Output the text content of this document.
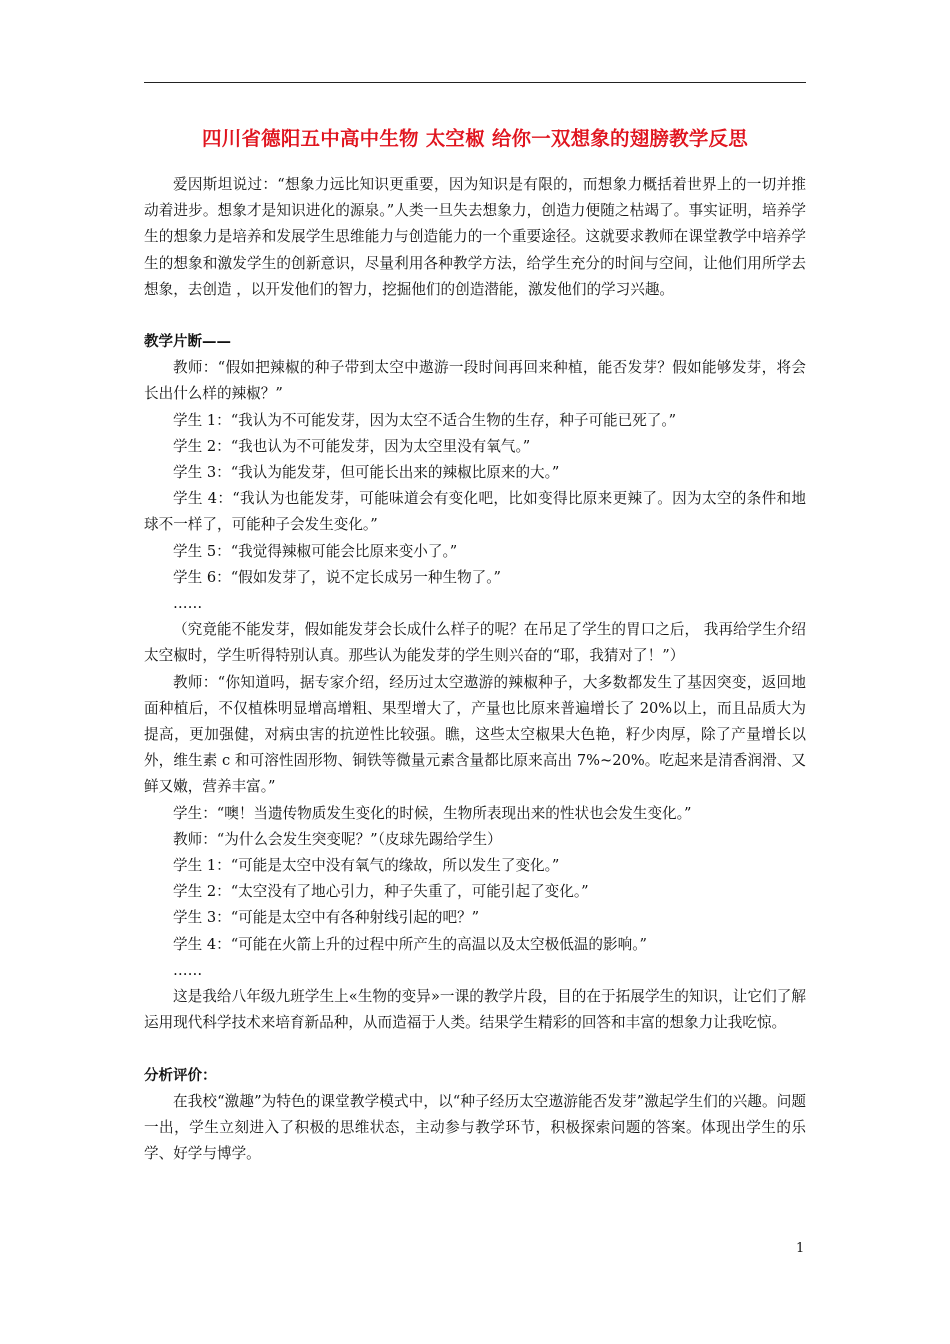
四川省德阳五中高中生物 太空椒 给你一双想象的翅膀教学反思

爱因斯坦说过：“想象力远比知识更重要，因为知识是有限的，而想象力概括着世界上的一切并推动着进步。想象才是知识进化的源泉。”人类一旦失去想象力，创造力便随之枯竭了。事实证明，培养学生的想象力是培养和发展学生思维能力与创造能力的一个重要途径。这就要求教师在课堂教学中培养学生的想象和激发学生的创新意识，尽量利用各种教学方法，给学生充分的时间与空间，让他们用所学去想象，去创造 ，以开发他们的智力，挖掘他们的创造潜能，激发他们的学习兴趣。

教学片断——

教师：“假如把辣椒的种子带到太空中遨游一段时间再回来种植，能否发芽？假如能够发芽，将会长出什么样的辣椒？”

学生 1：“我认为不可能发芽，因为太空不适合生物的生存，种子可能已死了。”

学生 2：“我也认为不可能发芽，因为太空里没有氧气。”

学生 3：“我认为能发芽，但可能长出来的辣椒比原来的大。”

学生 4：“我认为也能发芽，可能味道会有变化吧，比如变得比原来更辣了。因为太空的条件和地球不一样了，可能种子会发生变化。”

学生 5：“我觉得辣椒可能会比原来变小了。”

学生 6：“假如发芽了，说不定长成另一种生物了。”

……

（究竟能不能发芽，假如能发芽会长成什么样子的呢？在吊足了学生的胃口之后， 我再给学生介绍太空椒时，学生听得特别认真。那些认为能发芽的学生则兴奋的“耶，我猜对了！”）

教师：“你知道吗，据专家介绍，经历过太空遨游的辣椒种子，大多数都发生了基因突变，返回地面种植后，不仅植株明显增高增粗、果型增大了，产量也比原来普遍增长了 20%以上，而且品质大为提高，更加强健，对病虫害的抗逆性比较强。瞧，这些太空椒果大色艳，籽少肉厚，除了产量增长以外，维生素 c 和可溶性固形物、铜铁等微量元素含量都比原来高出 7%~20%。吃起来是清香润滑、又鲜又嫩，营养丰富。”

学生：“噢！当遗传物质发生变化的时候，生物所表现出来的性状也会发生变化。”

教师：“为什么会发生突变呢？”（皮球先踢给学生）

学生 1：“可能是太空中没有氧气的缘故，所以发生了变化。”

学生 2：“太空没有了地心引力，种子失重了，可能引起了变化。”

学生 3：“可能是太空中有各种射线引起的吧？”

学生 4：“可能在火箭上升的过程中所产生的高温以及太空极低温的影响。”

……

这是我给八年级九班学生上«生物的变异»一课的教学片段，目的在于拓展学生的知识，让它们了解运用现代科学技术来培育新品种，从而造福于人类。结果学生精彩的回答和丰富的想象力让我吃惊。

分析评价：

在我校“激趣”为特色的课堂教学模式中，以“种子经历太空遨游能否发芽”激起学生们的兴趣。问题一出，学生立刻进入了积极的思维状态，主动参与教学环节，积极探索问题的答案。体现出学生的乐学、好学与博学。

1
